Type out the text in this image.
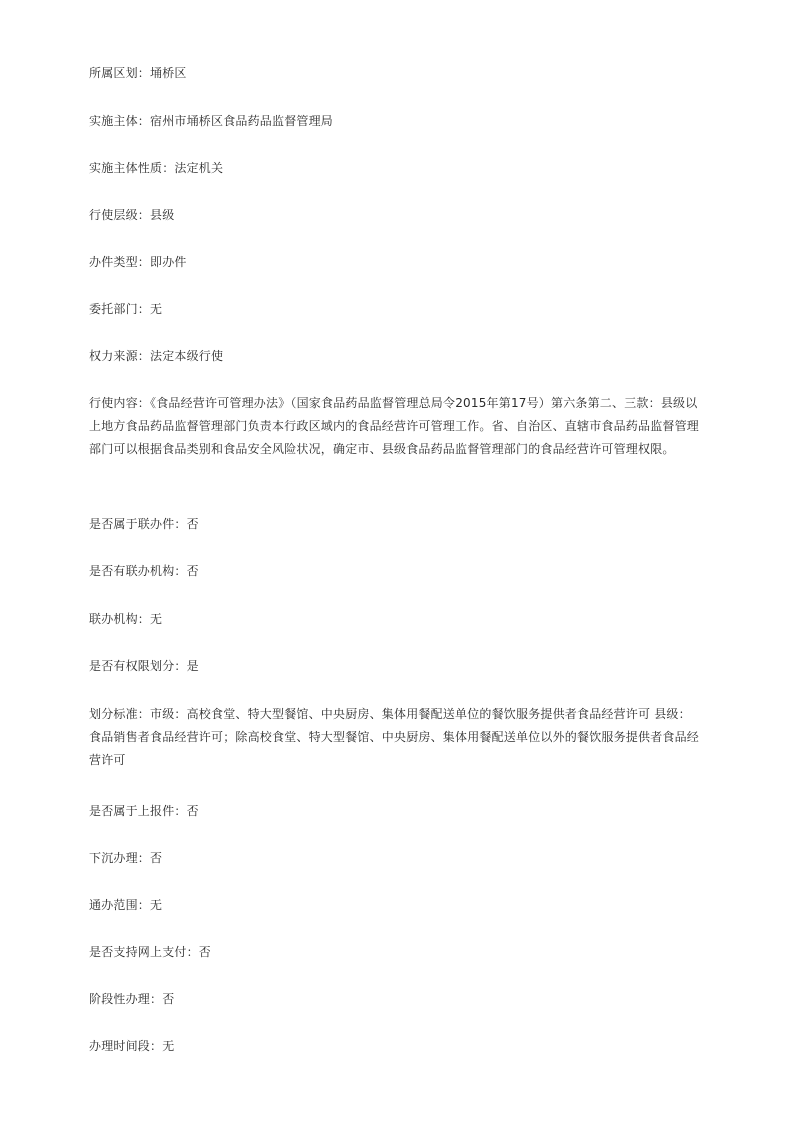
所属区划：埇桥区

实施主体：宿州市埇桥区食品药品监督管理局

实施主体性质：法定机关

行使层级：县级

办件类型：即办件

委托部门：无

权力来源：法定本级行使

行使内容：《食品经营许可管理办法》（国家食品药品监督管理总局令2015年第17号）第六条第二、三款：县级以上地方食品药品监督管理部门负责本行政区域内的食品经营许可管理工作。省、自治区、直辖市食品药品监督管理部门可以根据食品类别和食品安全风险状况，确定市、县级食品药品监督管理部门的食品经营许可管理权限。

是否属于联办件：否

是否有联办机构：否

联办机构：无

是否有权限划分：是

划分标准：市级：高校食堂、特大型餐馆、中央厨房、集体用餐配送单位的餐饮服务提供者食品经营许可 县级：食品销售者食品经营许可；除高校食堂、特大型餐馆、中央厨房、集体用餐配送单位以外的餐饮服务提供者食品经营许可

是否属于上报件：否

下沉办理：否

通办范围：无

是否支持网上支付：否

阶段性办理：否

办理时间段：无
